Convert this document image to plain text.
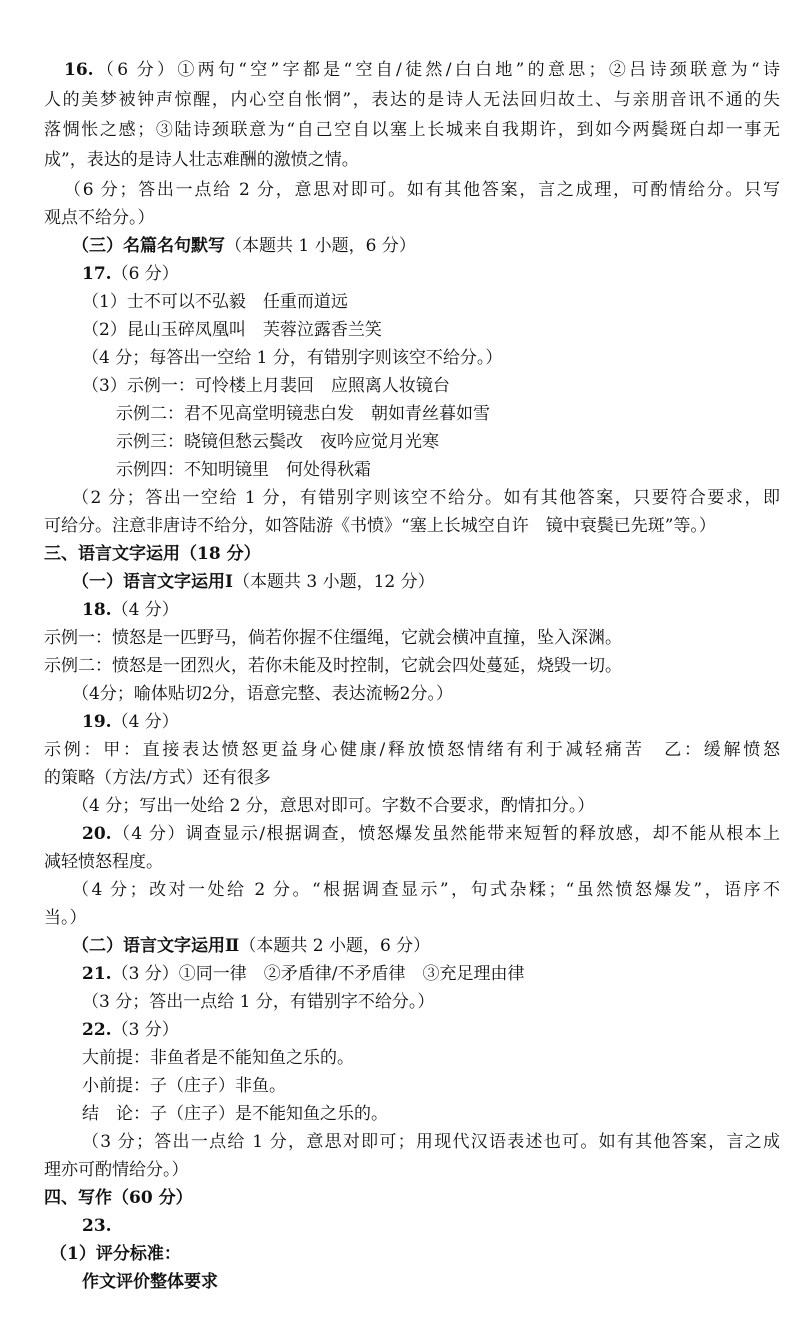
16.（6 分）①两句“空”字都是“空自/徒然/白白地”的意思；②吕诗颈联意为“诗
人的美梦被钟声惊醒，内心空自怅惘”，表达的是诗人无法回归故土、与亲朋音讯不通的失
落惆怅之感；③陆诗颈联意为“自己空自以塞上长城来自我期许，到如今两鬓斑白却一事无
成”，表达的是诗人壮志难酬的激愤之情。
（6 分；答出一点给 2 分，意思对即可。如有其他答案，言之成理，可酌情给分。只写
观点不给分。）
（三）名篇名句默写（本题共 1 小题，6 分）
17.（6 分）
（1）士不可以不弘毅　任重而道远
（2）昆山玉碎凤凰叫　芙蓉泣露香兰笑
（4 分；每答出一空给 1 分，有错别字则该空不给分。）
（3）示例一：可怜楼上月裴回　应照离人妆镜台
示例二：君不见高堂明镜悲白发　朝如青丝暮如雪
示例三：晓镜但愁云鬓改　夜吟应觉月光寒
示例四：不知明镜里　何处得秋霜
（2 分；答出一空给 1 分，有错别字则该空不给分。如有其他答案，只要符合要求，即
可给分。注意非唐诗不给分，如答陆游《书愤》“塞上长城空自许　镜中衰鬓已先斑”等。）
三、语言文字运用（18 分）
（一）语言文字运用Ⅰ（本题共 3 小题，12 分）
18.（4 分）
示例一：愤怒是一匹野马，倘若你握不住缰绳，它就会横冲直撞，坠入深渊。
示例二：愤怒是一团烈火，若你未能及时控制，它就会四处蔓延，烧毁一切。
（4分；喻体贴切2分，语意完整、表达流畅2分。）
19.（4 分）
示例：甲：直接表达愤怒更益身心健康/释放愤怒情绪有利于减轻痛苦　乙：缓解愤怒
的策略（方法/方式）还有很多
（4 分；写出一处给 2 分，意思对即可。字数不合要求，酌情扣分。）
20.（4 分）调查显示/根据调查，愤怒爆发虽然能带来短暂的释放感，却不能从根本上
减轻愤怒程度。
（4 分；改对一处给 2 分。“根据调查显示”，句式杂糅；“虽然愤怒爆发”，语序不
当。）
（二）语言文字运用Ⅱ（本题共 2 小题，6 分）
21.（3 分）①同一律　②矛盾律/不矛盾律　③充足理由律
（3 分；答出一点给 1 分，有错别字不给分。）
22.（3 分）
大前提：非鱼者是不能知鱼之乐的。
小前提：子（庄子）非鱼。
结　论：子（庄子）是不能知鱼之乐的。
（3 分；答出一点给 1 分，意思对即可；用现代汉语表述也可。如有其他答案，言之成
理亦可酌情给分。）
四、写作（60 分）
23.
（1）评分标准：
作文评价整体要求
